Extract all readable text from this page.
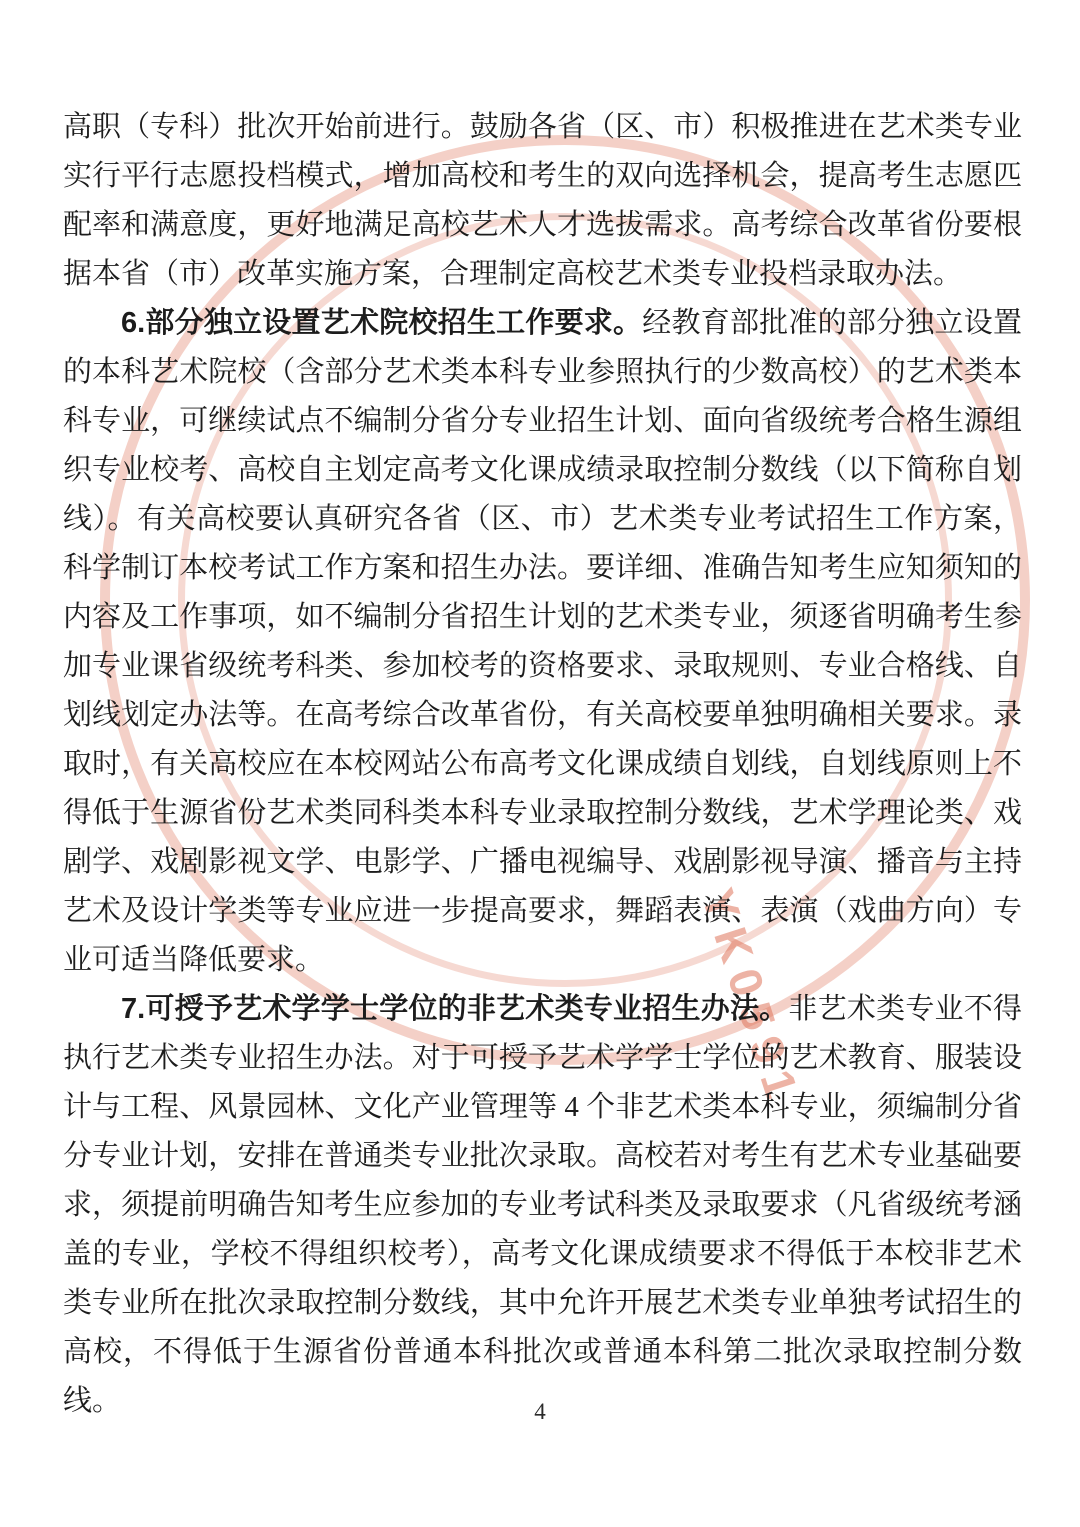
YK0591

高职（专科）批次开始前进行。鼓励各省（区、市）积极推进在艺术类专业实行平行志愿投档模式，增加高校和考生的双向选择机会，提高考生志愿匹配率和满意度，更好地满足高校艺术人才选拔需求。高考综合改革省份要根据本省（市）改革实施方案，合理制定高校艺术类专业投档录取办法。

6.部分独立设置艺术院校招生工作要求。经教育部批准的部分独立设置的本科艺术院校（含部分艺术类本科专业参照执行的少数高校）的艺术类本科专业，可继续试点不编制分省分专业招生计划、面向省级统考合格生源组织专业校考、高校自主划定高考文化课成绩录取控制分数线（以下简称自划线）。有关高校要认真研究各省（区、市）艺术类专业考试招生工作方案，科学制订本校考试工作方案和招生办法。要详细、准确告知考生应知须知的内容及工作事项，如不编制分省招生计划的艺术类专业，须逐省明确考生参加专业课省级统考科类、参加校考的资格要求、录取规则、专业合格线、自划线划定办法等。在高考综合改革省份，有关高校要单独明确相关要求。录取时，有关高校应在本校网站公布高考文化课成绩自划线，自划线原则上不得低于生源省份艺术类同科类本科专业录取控制分数线，艺术学理论类、戏剧学、戏剧影视文学、电影学、广播电视编导、戏剧影视导演、播音与主持艺术及设计学类等专业应进一步提高要求，舞蹈表演、表演（戏曲方向）专业可适当降低要求。

7.可授予艺术学学士学位的非艺术类专业招生办法。非艺术类专业不得执行艺术类专业招生办法。对于可授予艺术学学士学位的艺术教育、服装设计与工程、风景园林、文化产业管理等 4 个非艺术类本科专业，须编制分省分专业计划，安排在普通类专业批次录取。高校若对考生有艺术专业基础要求，须提前明确告知考生应参加的专业考试科类及录取要求（凡省级统考涵盖的专业，学校不得组织校考），高考文化课成绩要求不得低于本校非艺术类专业所在批次录取控制分数线，其中允许开展艺术类专业单独考试招生的高校，不得低于生源省份普通本科批次或普通本科第二批次录取控制分数线。	4
